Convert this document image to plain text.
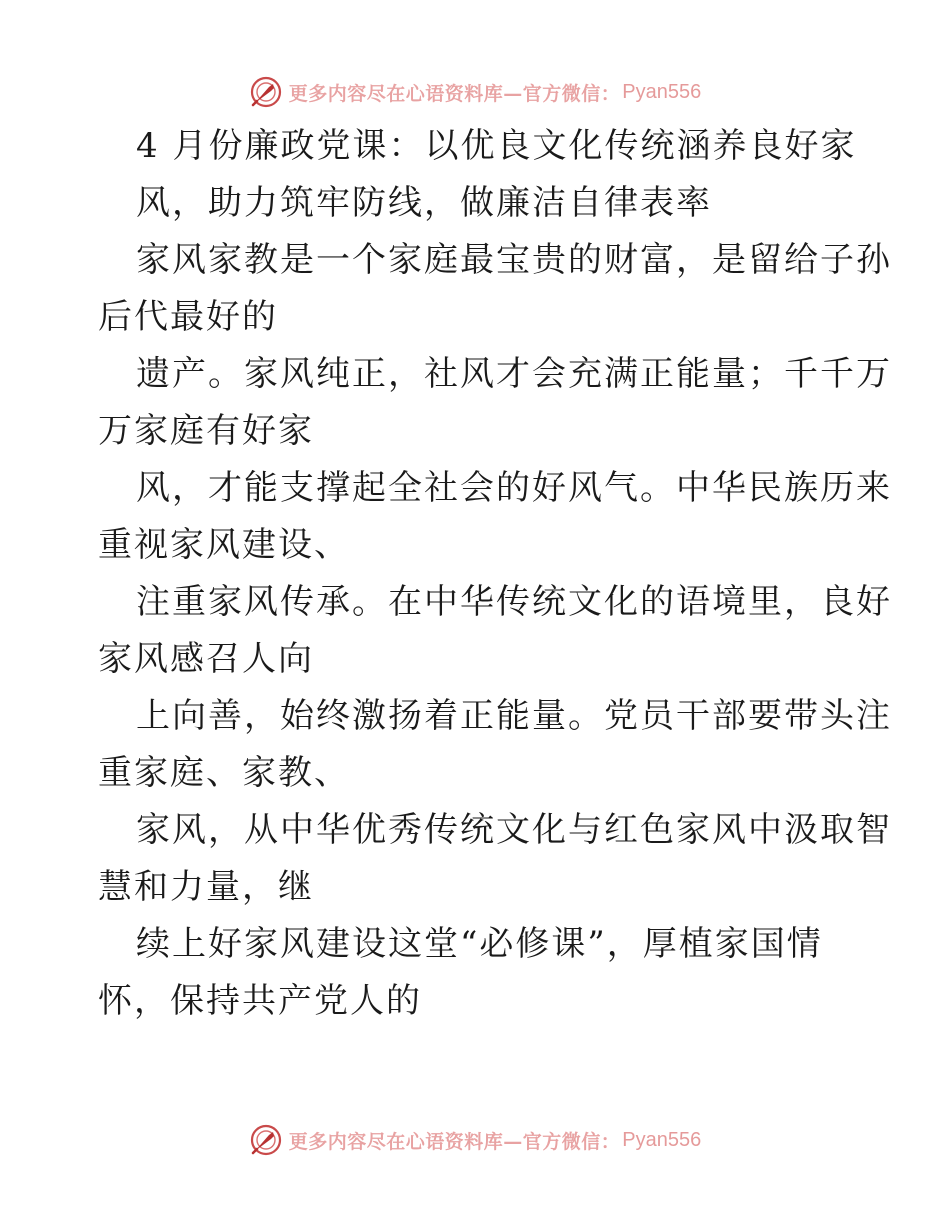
更多内容尽在心语资料库—官方微信： Pyan556
4 月份廉政党课：以优良文化传统涵养良好家
风，助力筑牢防线，做廉洁自律表率
家风家教是一个家庭最宝贵的财富，是留给子孙
后代最好的
遗产。家风纯正，社风才会充满正能量；千千万
万家庭有好家
风，才能支撑起全社会的好风气。中华民族历来
重视家风建设、
注重家风传承。在中华传统文化的语境里，良好
家风感召人向
上向善，始终激扬着正能量。党员干部要带头注
重家庭、家教、
家风，从中华优秀传统文化与红色家风中汲取智
慧和力量，继
续上好家风建设这堂“必修课”，厚植家国情
怀，保持共产党人的
更多内容尽在心语资料库—官方微信： Pyan556
